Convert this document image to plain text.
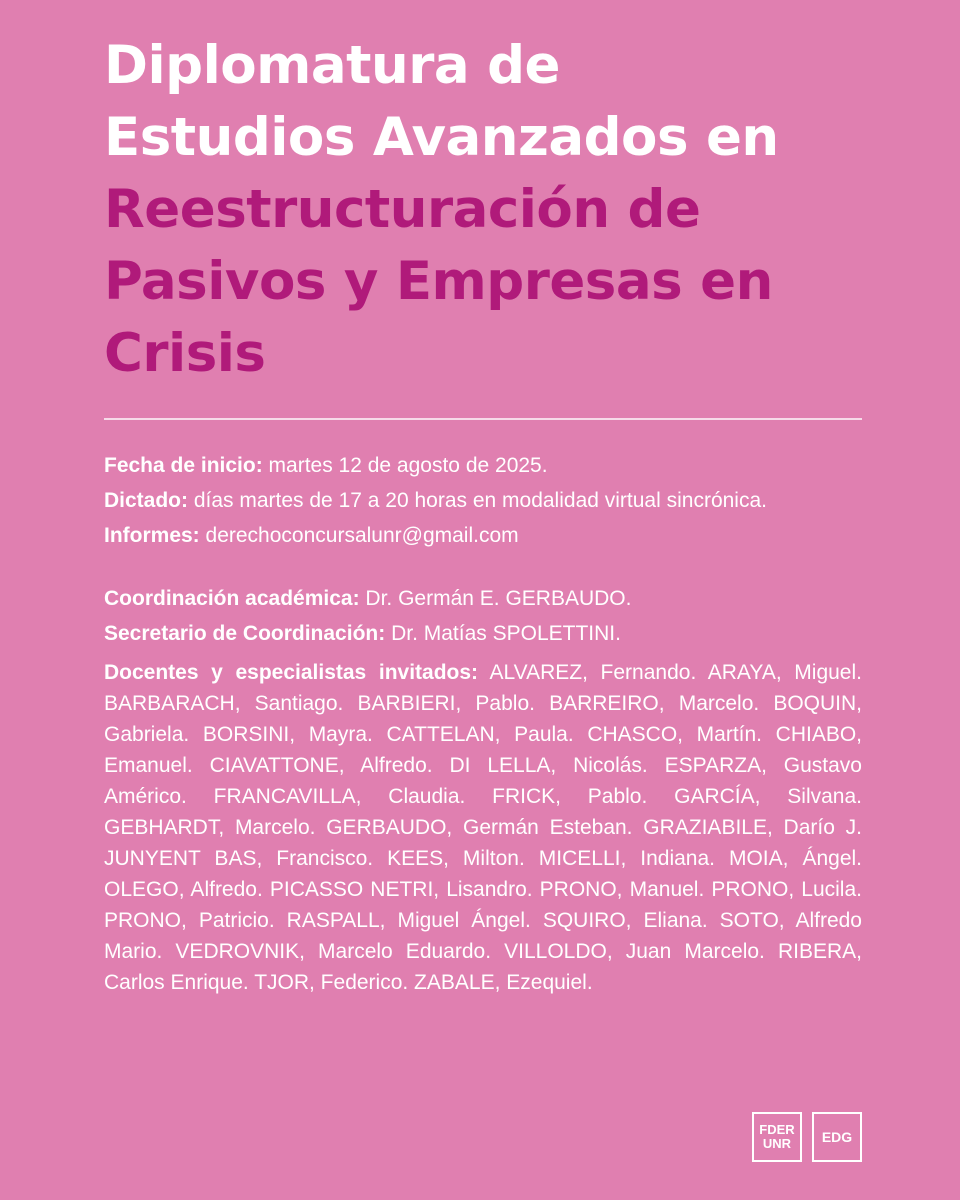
Diplomatura de
Estudios Avanzados en
Reestructuración de
Pasivos y Empresas en
Crisis

Fecha de inicio: martes 12 de agosto de 2025.

Dictado: días martes de 17 a 20 horas en modalidad virtual sincrónica.

Informes: derechoconcursalunr@gmail.com

Coordinación académica: Dr. Germán E. GERBAUDO.

Secretario de Coordinación: Dr. Matías SPOLETTINI.

Docentes y especialistas invitados: ALVAREZ, Fernando. ARAYA, Miguel. BARBARACH, Santiago. BARBIERI, Pablo. BARREIRO, Marcelo. BOQUIN, Gabriela. BORSINI, Mayra. CATTELAN, Paula. CHASCO, Martín. CHIABO, Emanuel. CIAVATTONE, Alfredo. DI LELLA, Nicolás. ESPARZA, Gustavo Américo. FRANCAVILLA, Claudia. FRICK, Pablo. GARCÍA, Silvana. GEBHARDT, Marcelo. GERBAUDO, Germán Esteban. GRAZIABILE, Darío J. JUNYENT BAS, Francisco. KEES, Milton. MICELLI, Indiana. MOIA, Ángel. OLEGO, Alfredo. PICASSO NETRI, Lisandro. PRONO, Manuel. PRONO, Lucila. PRONO, Patricio. RASPALL, Miguel Ángel. SQUIRO, Eliana. SOTO, Alfredo Mario. VEDROVNIK, Marcelo Eduardo. VILLOLDO, Juan Marcelo. RIBERA, Carlos Enrique. TJOR, Federico. ZABALE, Ezequiel.

FDER
UNR EDG
